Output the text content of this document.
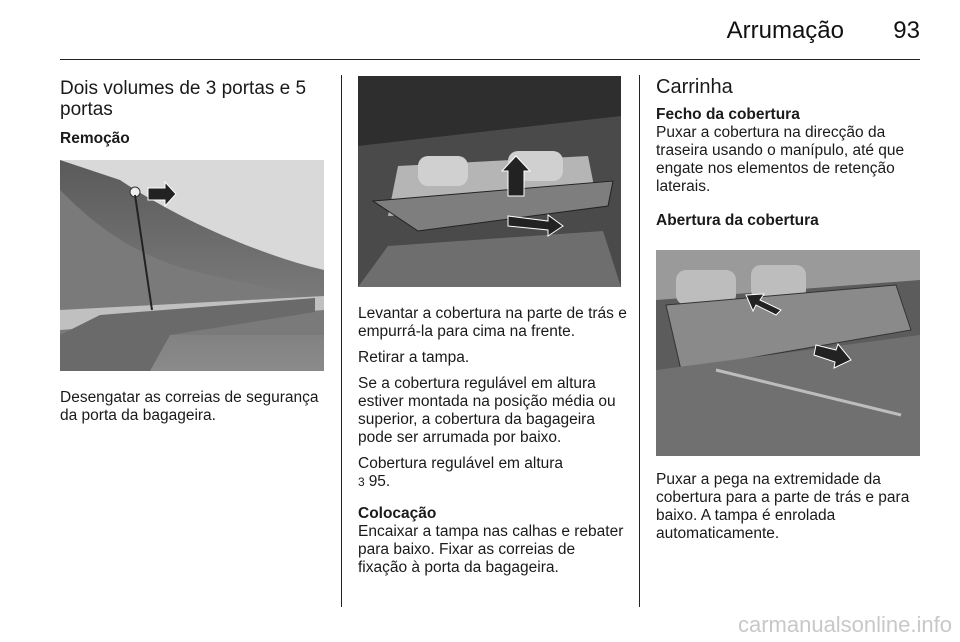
Arrumação 93
Dois volumes de 3 portas e 5 portas
Remoção

Desengatar as correias de segurança da porta da bagageira.

Levantar a cobertura na parte de trás e empurrá-la para cima na frente.

Retirar a tampa.

Se a cobertura regulável em altura estiver montada na posição média ou superior, a cobertura da bagageira pode ser arrumada por baixo.

Cobertura regulável em altura
3 95.

Colocação

Encaixar a tampa nas calhas e rebater para baixo. Fixar as correias de fixação à porta da bagageira.

Carrinha
Fecho da cobertura

Puxar a cobertura na direcção da traseira usando o manípulo, até que engate nos elementos de retenção laterais.

Abertura da cobertura

Puxar a pega na extremidade da cobertura para a parte de trás e para baixo. A tampa é enrolada automaticamente.

carmanualsonline.info
